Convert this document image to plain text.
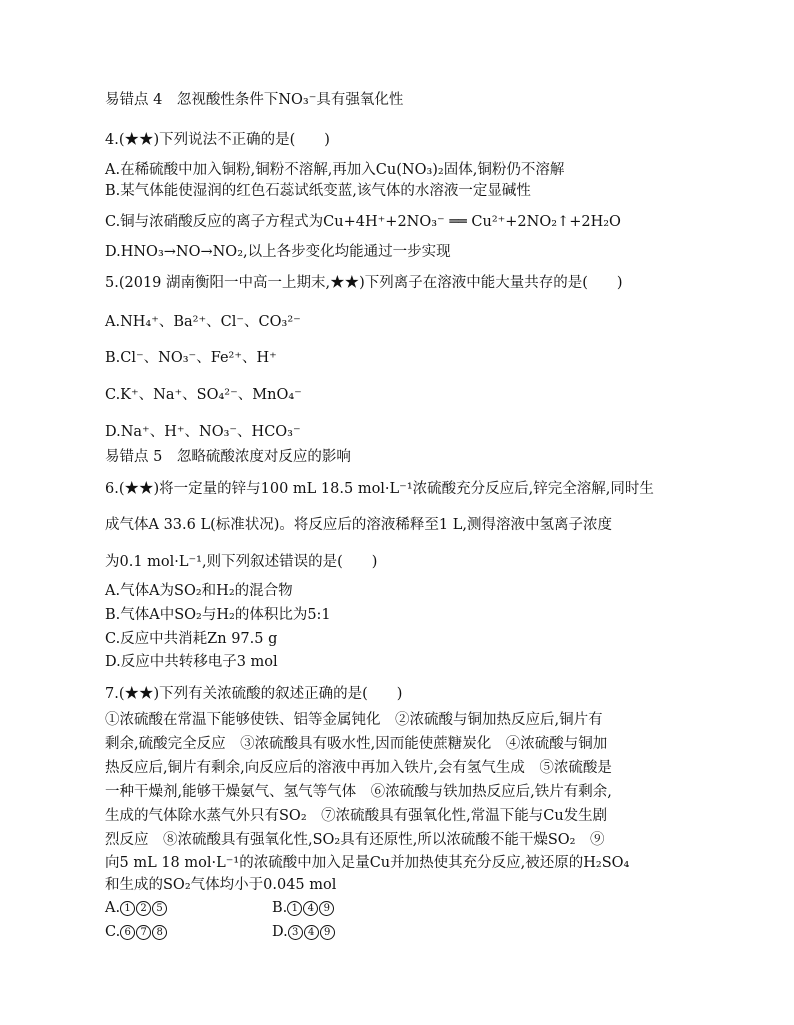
易错点 4　忽视酸性条件下NO₃⁻具有强氧化性
4.(★★)下列说法不正确的是(　　)
A.在稀硫酸中加入铜粉,铜粉不溶解,再加入Cu(NO₃)₂固体,铜粉仍不溶解
B.某气体能使湿润的红色石蕊试纸变蓝,该气体的水溶液一定显碱性
C.铜与浓硝酸反应的离子方程式为Cu+4H⁺+2NO₃⁻ ══ Cu²⁺+2NO₂↑+2H₂O
D.HNO₃→NO→NO₂,以上各步变化均能通过一步实现
5.(2019 湖南衡阳一中高一上期末,★★)下列离子在溶液中能大量共存的是(　　)
A.NH₄⁺、Ba²⁺、Cl⁻、CO₃²⁻
B.Cl⁻、NO₃⁻、Fe²⁺、H⁺
C.K⁺、Na⁺、SO₄²⁻、MnO₄⁻
D.Na⁺、H⁺、NO₃⁻、HCO₃⁻
易错点 5　忽略硫酸浓度对反应的影响
6.(★★)将一定量的锌与100 mL 18.5 mol·L⁻¹浓硫酸充分反应后,锌完全溶解,同时生
成气体A 33.6 L(标准状况)。将反应后的溶液稀释至1 L,测得溶液中氢离子浓度
为0.1 mol·L⁻¹,则下列叙述错误的是(　　)
A.气体A为SO₂和H₂的混合物
B.气体A中SO₂与H₂的体积比为5:1
C.反应中共消耗Zn 97.5 g
D.反应中共转移电子3 mol
7.(★★)下列有关浓硫酸的叙述正确的是(　　)
①浓硫酸在常温下能够使铁、铝等金属钝化　②浓硫酸与铜加热反应后,铜片有
剩余,硫酸完全反应　③浓硫酸具有吸水性,因而能使蔗糖炭化　④浓硫酸与铜加
热反应后,铜片有剩余,向反应后的溶液中再加入铁片,会有氢气生成　⑤浓硫酸是
一种干燥剂,能够干燥氨气、氢气等气体　⑥浓硫酸与铁加热反应后,铁片有剩余,
生成的气体除水蒸气外只有SO₂　⑦浓硫酸具有强氧化性,常温下能与Cu发生剧
烈反应　⑧浓硫酸具有强氧化性,SO₂具有还原性,所以浓硫酸不能干燥SO₂　⑨
向5 mL 18 mol·L⁻¹的浓硫酸中加入足量Cu并加热使其充分反应,被还原的H₂SO₄
和生成的SO₂气体均小于0.045 mol
A. 1 2 5	B. 1 4 9
C. 6 7 8	D. 3 4 9
